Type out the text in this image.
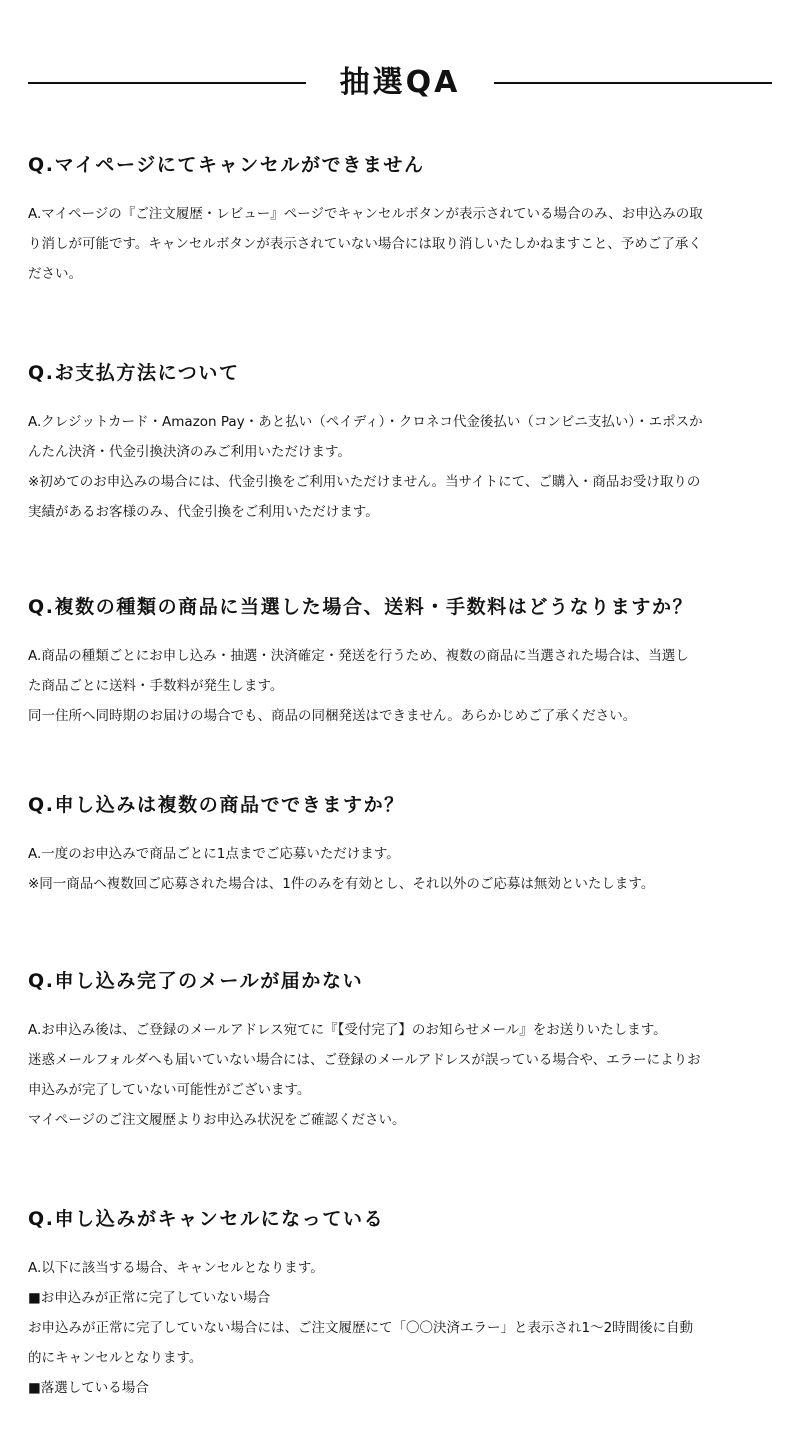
抽選QA
Q.マイページにてキャンセルができません
A.マイページの『ご注文履歴・レビュー』ページでキャンセルボタンが表示されている場合のみ、お申込みの取
り消しが可能です。キャンセルボタンが表示されていない場合には取り消しいたしかねますこと、予めご了承く
ださい。
Q.お支払方法について
A.クレジットカード・Amazon Pay・あと払い（ペイディ）・クロネコ代金後払い（コンビニ支払い）・エポスか
んたん決済・代金引換決済のみご利用いただけます。
※初めてのお申込みの場合には、代金引換をご利用いただけません。当サイトにて、ご購入・商品お受け取りの
実績があるお客様のみ、代金引換をご利用いただけます。
Q.複数の種類の商品に当選した場合、送料・手数料はどうなりますか？
A.商品の種類ごとにお申し込み・抽選・決済確定・発送を行うため、複数の商品に当選された場合は、当選し
た商品ごとに送料・手数料が発生します。
同一住所へ同時期のお届けの場合でも、商品の同梱発送はできません。あらかじめご了承ください。
Q.申し込みは複数の商品でできますか？
A.一度のお申込みで商品ごとに1点までご応募いただけます。
※同一商品へ複数回ご応募された場合は、1件のみを有効とし、それ以外のご応募は無効といたします。
Q.申し込み完了のメールが届かない
A.お申込み後は、ご登録のメールアドレス宛てに『【受付完了】のお知らせメール』をお送りいたします。
迷惑メールフォルダへも届いていない場合には、ご登録のメールアドレスが誤っている場合や、エラーによりお
申込みが完了していない可能性がございます。
マイページのご注文履歴よりお申込み状況をご確認ください。
Q.申し込みがキャンセルになっている
A.以下に該当する場合、キャンセルとなります。
■お申込みが正常に完了していない場合
お申込みが正常に完了していない場合には、ご注文履歴にて「〇〇決済エラー」と表示され1〜2時間後に自動
的にキャンセルとなります。
■落選している場合
